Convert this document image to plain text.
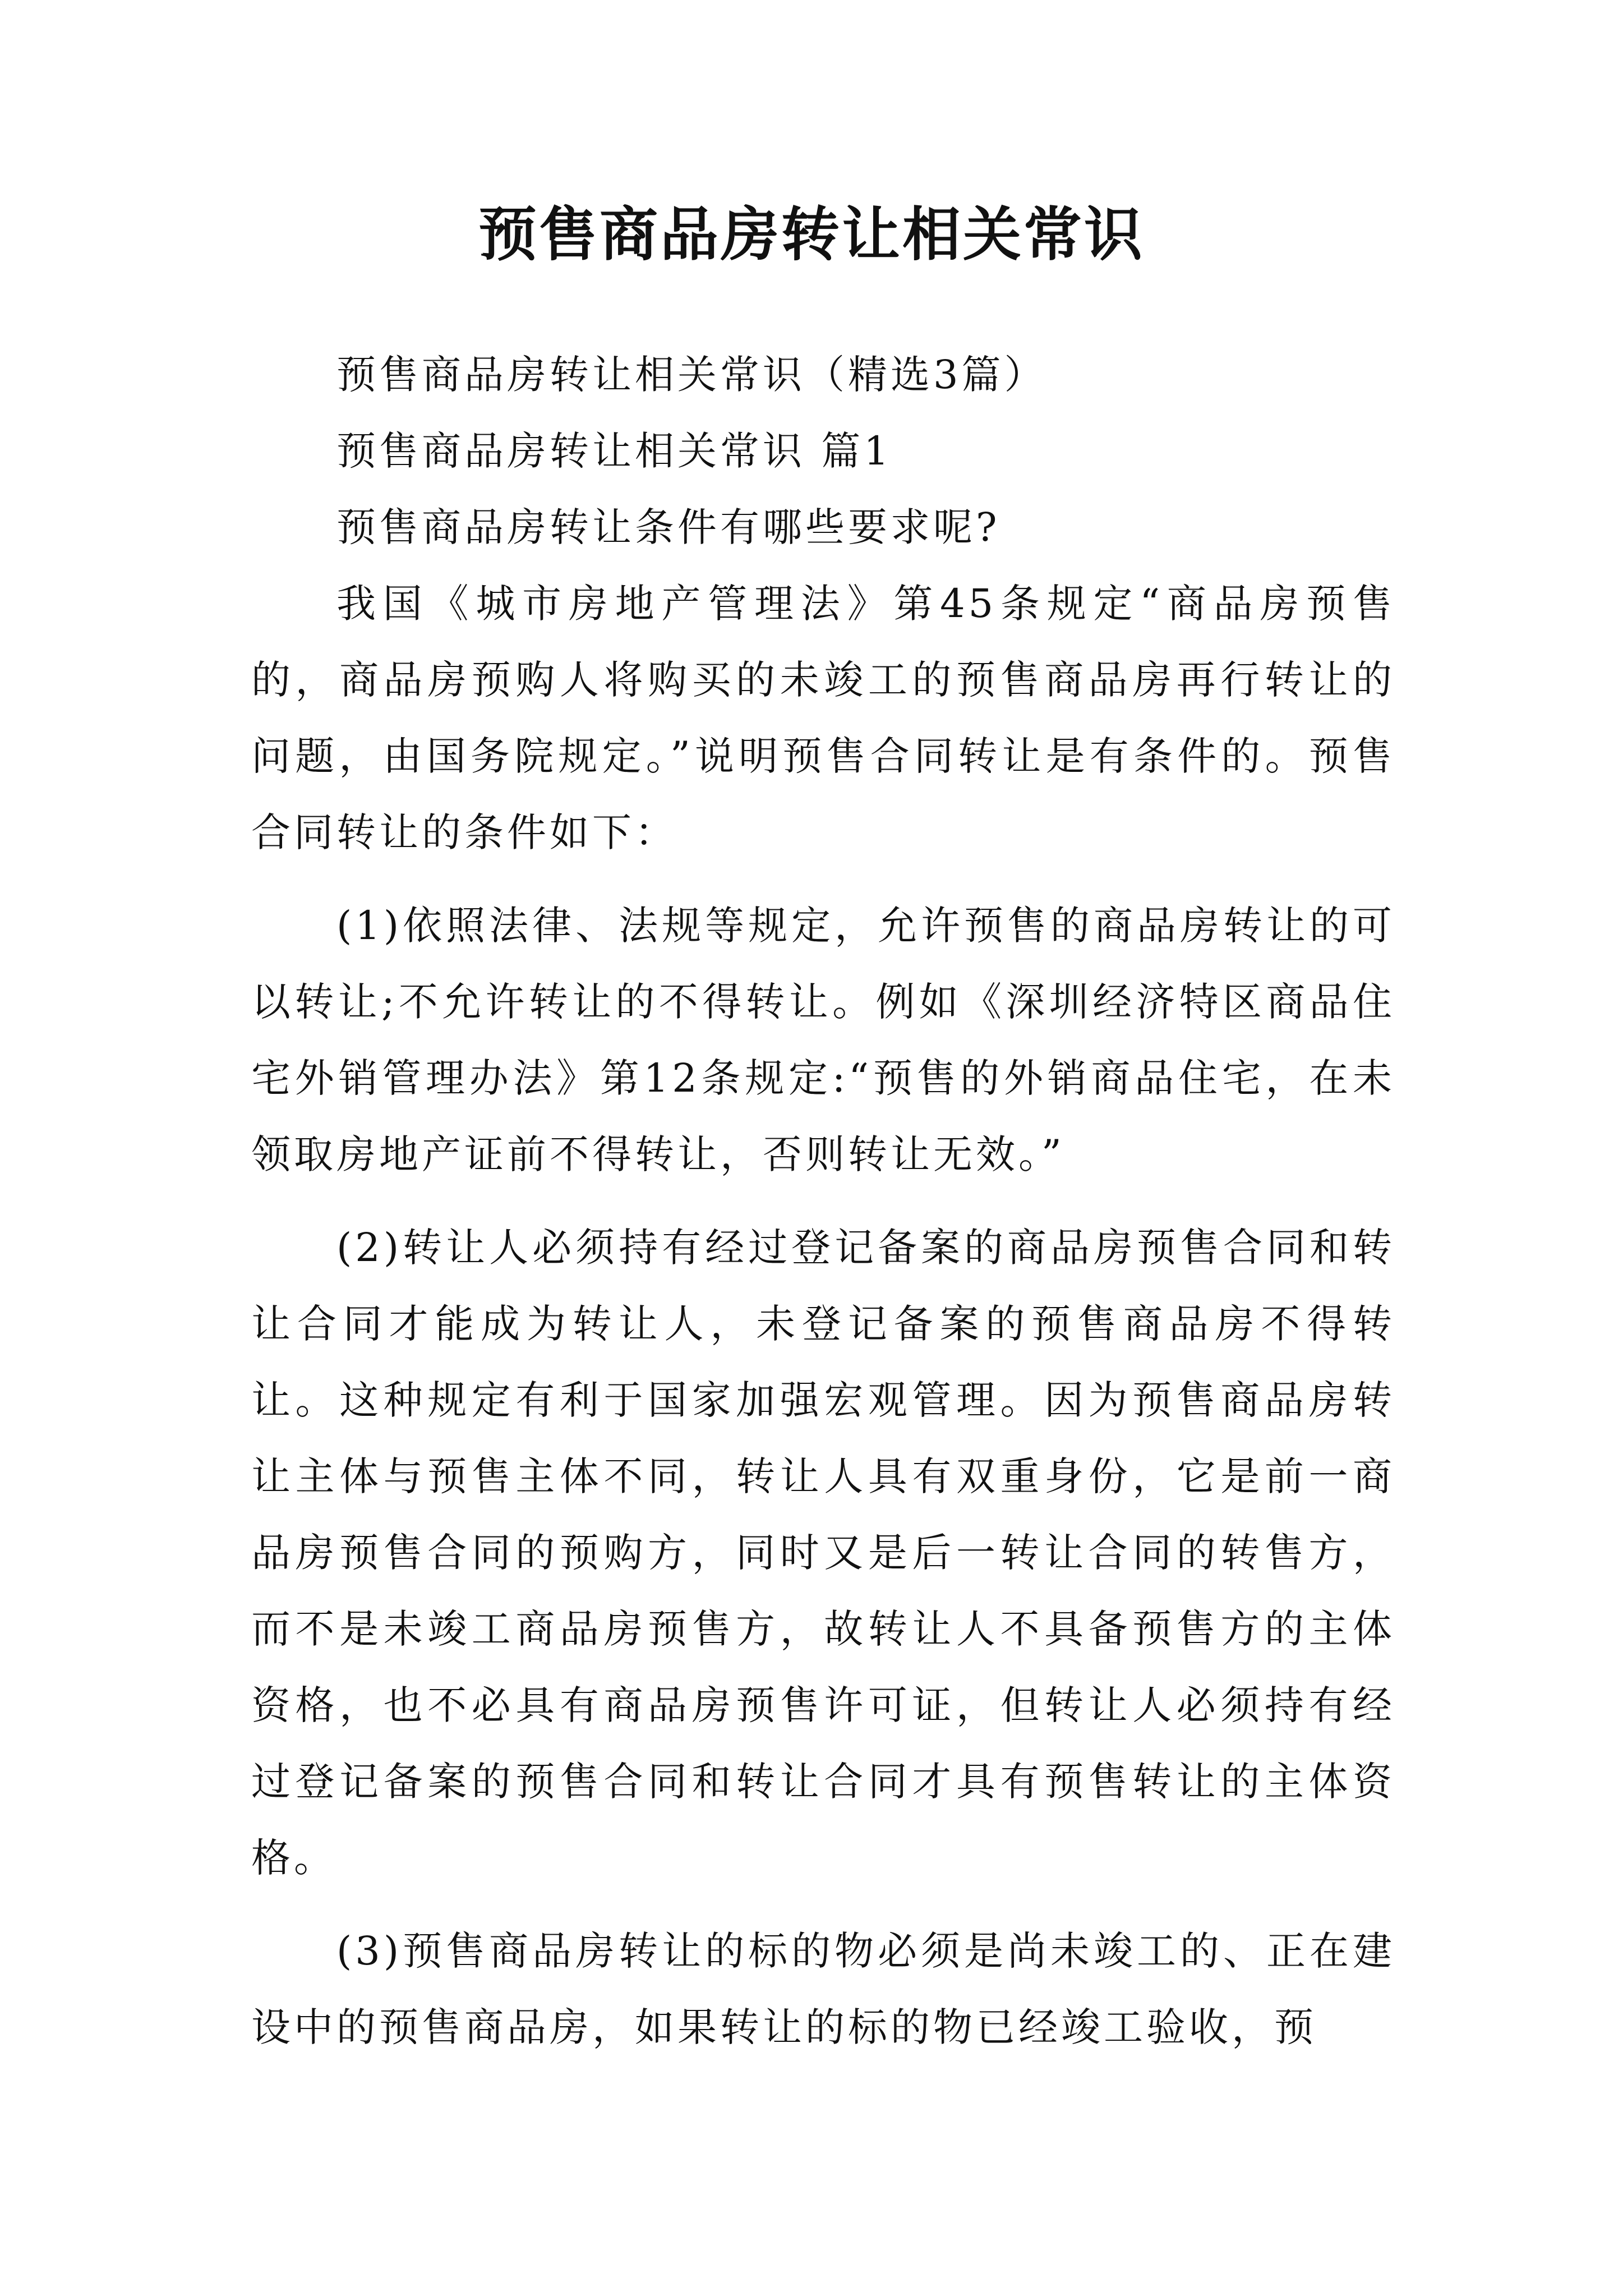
预售商品房转让相关常识

预售商品房转让相关常识（精选3篇）

预售商品房转让相关常识 篇1

预售商品房转让条件有哪些要求呢?

我国《城市房地产管理法》第45条规定“商品房预售的，商品房预购人将购买的未竣工的预售商品房再行转让的问题，由国务院规定。”说明预售合同转让是有条件的。预售合同转让的条件如下：

(1)依照法律、法规等规定，允许预售的商品房转让的可以转让;不允许转让的不得转让。例如《深圳经济特区商品住宅外销管理办法》第12条规定:“预售的外销商品住宅，在未领取房地产证前不得转让，否则转让无效。”

(2)转让人必须持有经过登记备案的商品房预售合同和转让合同才能成为转让人，未登记备案的预售商品房不得转让。这种规定有利于国家加强宏观管理。因为预售商品房转让主体与预售主体不同，转让人具有双重身份，它是前一商品房预售合同的预购方，同时又是后一转让合同的转售方，而不是未竣工商品房预售方，故转让人不具备预售方的主体资格，也不必具有商品房预售许可证，但转让人必须持有经过登记备案的预售合同和转让合同才具有预售转让的主体资格。

(3)预售商品房转让的标的物必须是尚未竣工的、正在建设中的预售商品房，如果转让的标的物已经竣工验收，预
